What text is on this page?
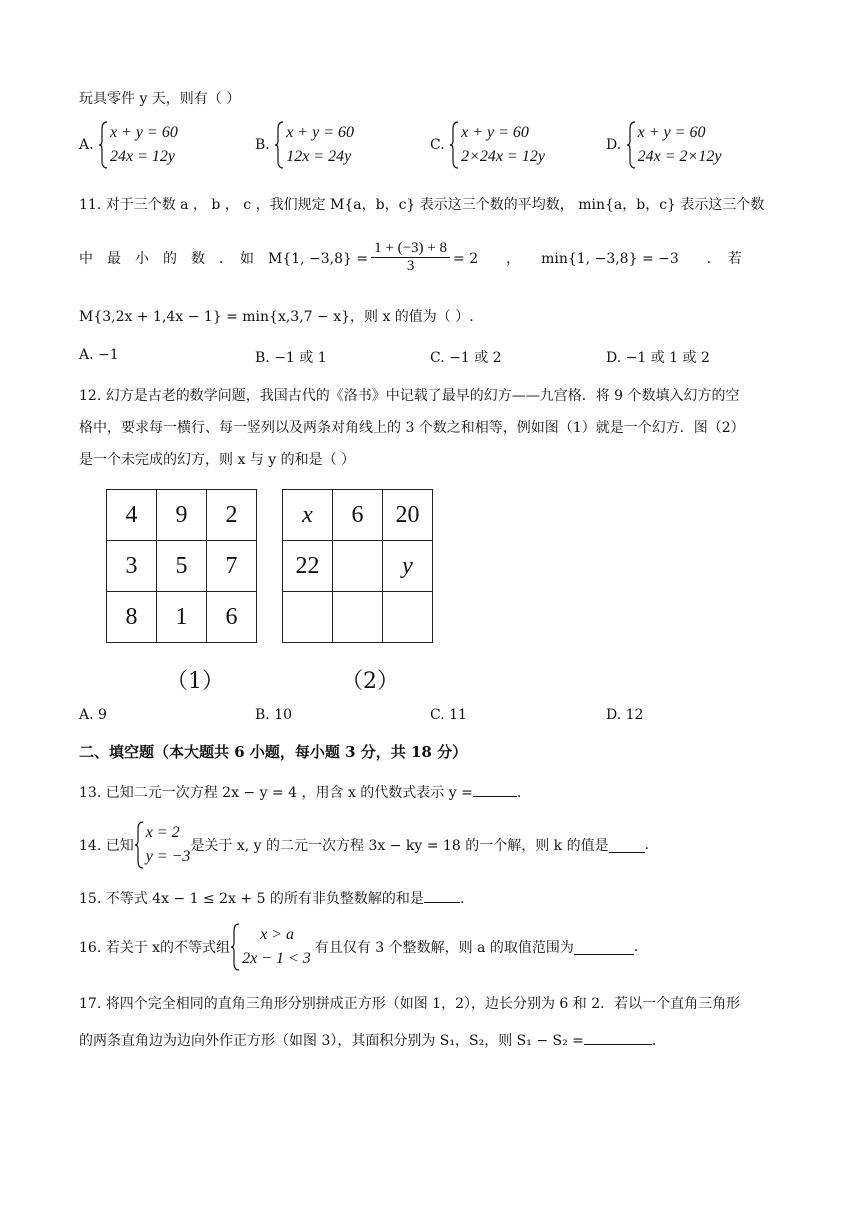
玩具零件 y 天，则有（ ）
A.
x + y = 60
24x = 12y
B.
x + y = 60
12x = 24y
C.
x + y = 60
2×24x = 12y
D.
x + y = 60
24x = 2×12y
11. 对于三个数 a ， b ， c ，我们规定 M{a，b，c} 表示这三个数的平均数， min{a，b，c} 表示这三个数
中　最　小　的　数　．　如　M{1, $-3,8\} = \frac{1 + (-3) + 8}{3} = 2$　　，　　min{1, −3,8} = −3　　．　若
M{3,2x + 1,4x − 1} = min{x,3,7 − x}，则 x 的值为（ ）.
A. −1	B. −1 或 1	C. −1 或 2	D. −1 或 1 或 2
12. 幻方是古老的数学问题，我国古代的《洛书》中记载了最早的幻方——九宫格．将 9 个数填入幻方的空
格中，要求每一横行、每一竖列以及两条对角线上的 3 个数之和相等，例如图（1）就是一个幻方．图（2）
是一个未完成的幻方，则 x 与 y 的和是（ ）
4	9	2
3	5	7
8	1	6
（1）
x	6	20
22		y

（2）
A. 9	B. 10	C. 11	D. 12
二、填空题（本大题共 6 小题，每小题 3 分，共 18 分）
13. 已知二元一次方程 2x − y = 4 ，用含 x 的代数式表示 y =	.
14. 已知
x = 2
y = −3
是关于 x, y 的二元一次方程 3x − ky = 18 的一个解，则 k 的值是	.
15. 不等式 4x − 1 ≤ 2x + 5 的所有非负整数解的和是	.
16. 若关于 x的不等式组
x > a
2x − 1 < 3
有且仅有 3 个整数解，则 a 的取值范围为	.
17. 将四个完全相同的直角三角形分别拼成正方形（如图 1，2），边长分别为 6 和 2．若以一个直角三角形
的两条直角边为边向外作正方形（如图 3），其面积分别为 S₁，S₂，则 S₁ − S₂ =	.
